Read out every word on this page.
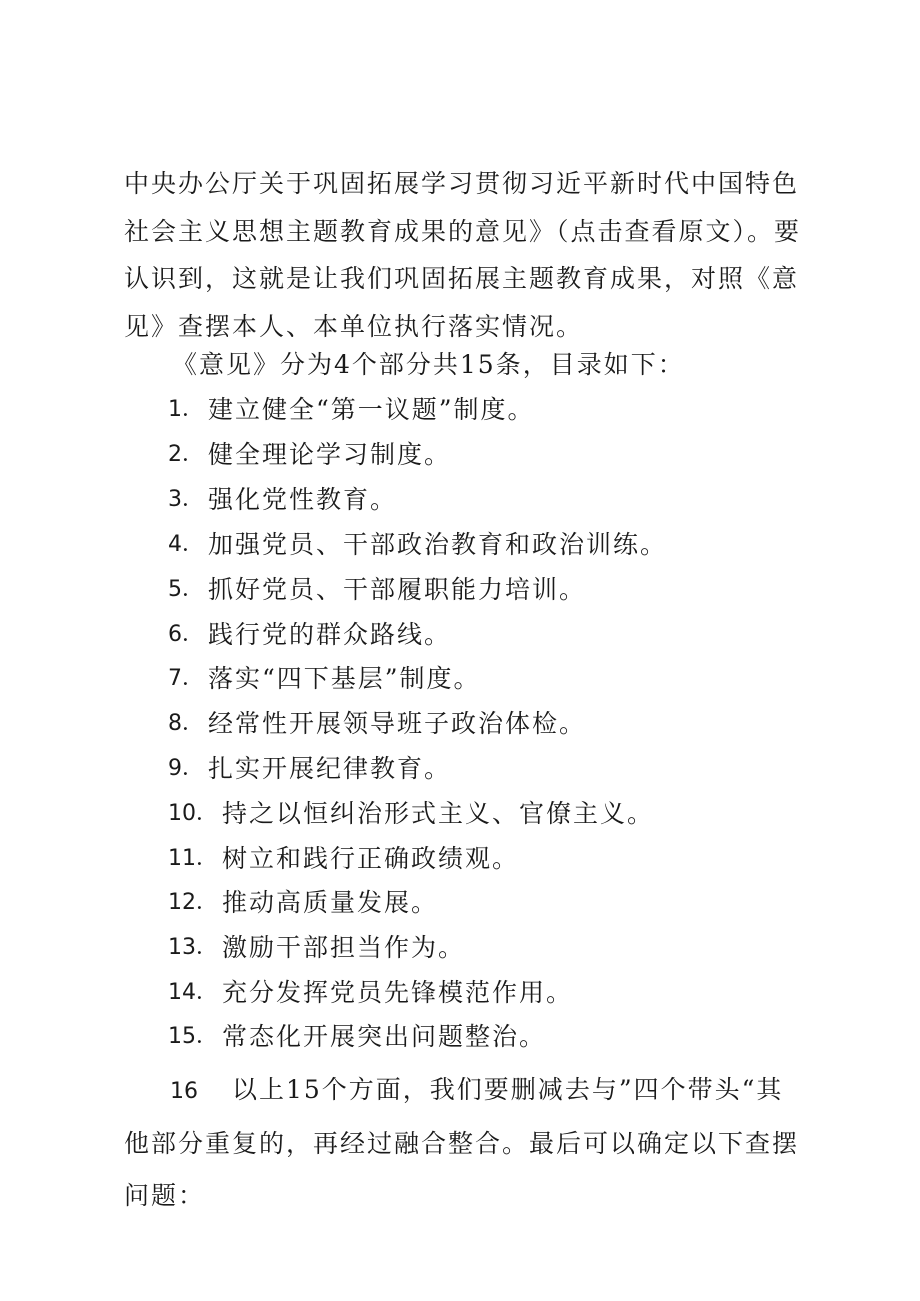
中央办公厅关于巩固拓展学习贯彻习近平新时代中国特色社会主义思想主题教育成果的意见》（点击查看原文）。要认识到，这就是让我们巩固拓展主题教育成果，对照《意见》查摆本人、本单位执行落实情况。

《意见》分为4个部分共15条，目录如下：

1． 建立健全“第一议题”制度。
2． 健全理论学习制度。
3． 强化党性教育。
4． 加强党员、干部政治教育和政治训练。
5． 抓好党员、干部履职能力培训。
6． 践行党的群众路线。
7． 落实“四下基层”制度。
8． 经常性开展领导班子政治体检。
9． 扎实开展纪律教育。
10． 持之以恒纠治形式主义、官僚主义。
11． 树立和践行正确政绩观。
12． 推动高质量发展。
13． 激励干部担当作为。
14． 充分发挥党员先锋模范作用。
15． 常态化开展突出问题整治。

16 以上15个方面，我们要删减去与”四个带头“其他部分重复的，再经过融合整合。最后可以确定以下查摆问题：
